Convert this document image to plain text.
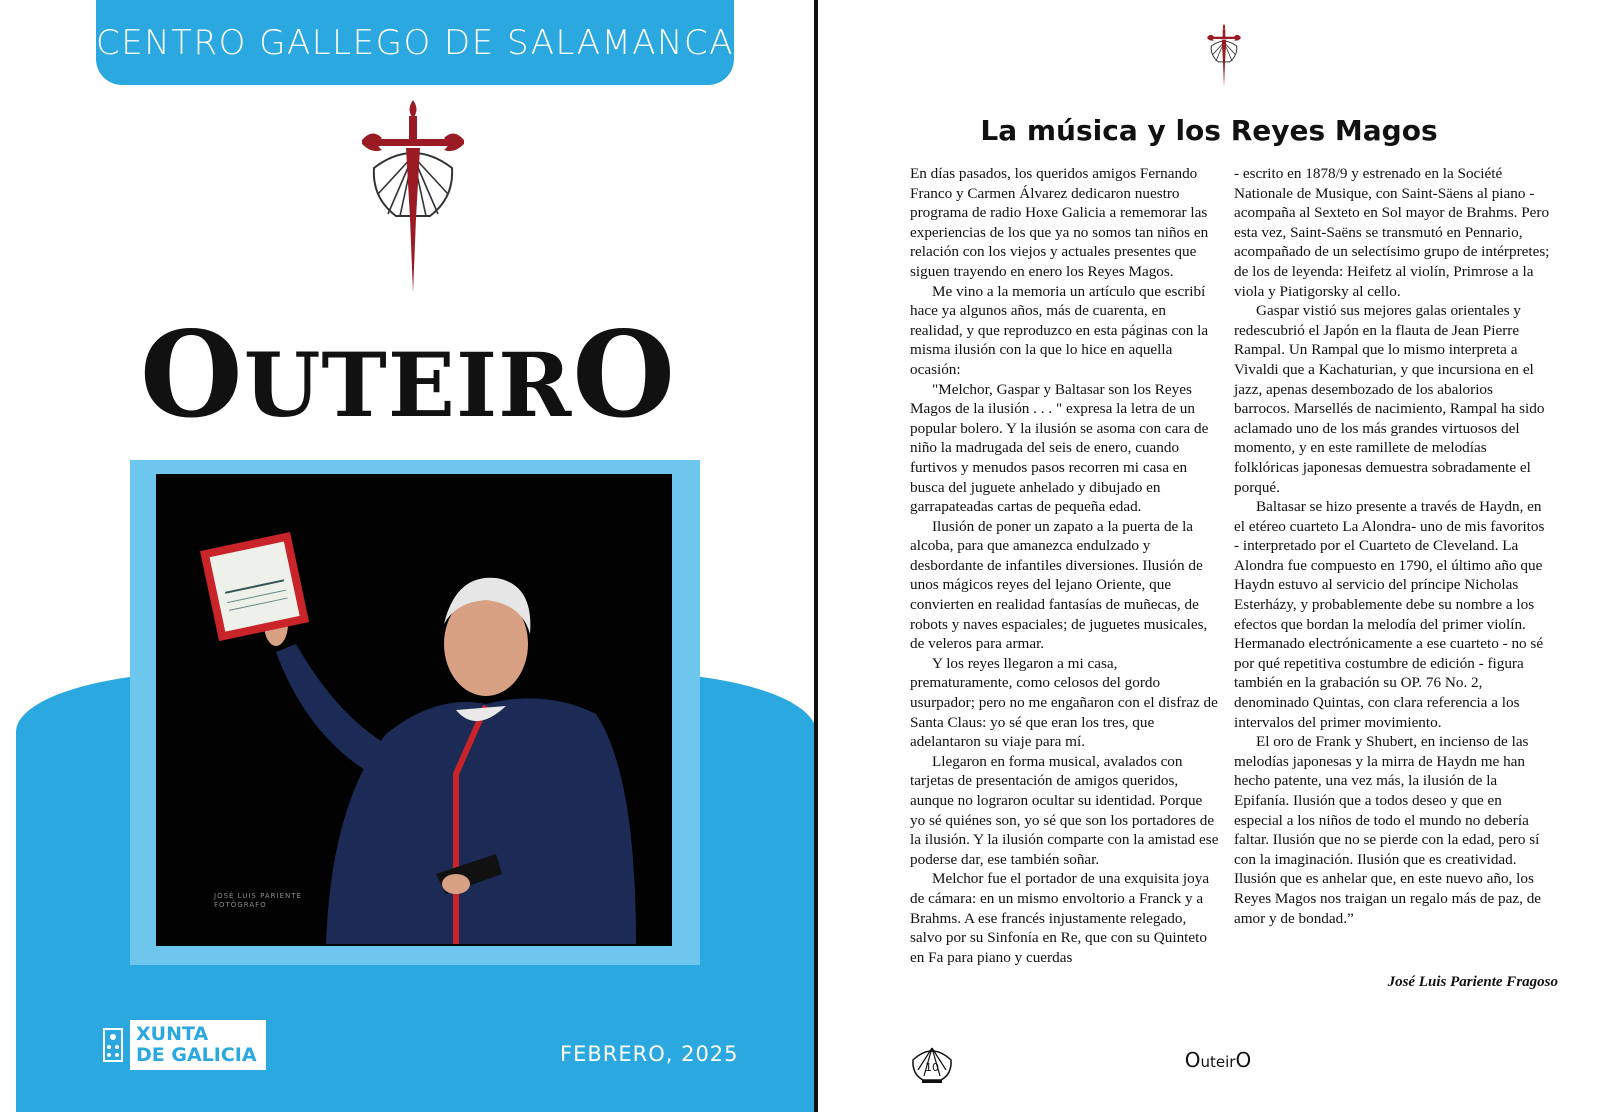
CENTRO GALLEGO DE SALAMANCA
OUTEIRO
JOSÉ LUIS PARIENTE
FOTÓGRAFO
XUNTA
DE GALICIA	FEBRERO, 2025
La música y los Reyes Magos

En días pasados, los queridos amigos Fernando Franco y Carmen Álvarez dedicaron nuestro programa de radio Hoxe Galicia a rememorar las experiencias de los que ya no somos tan niños en relación con los viejos y actuales presentes que siguen trayendo en enero los Reyes Magos.

Me vino a la memoria un artículo que escribí hace ya algunos años, más de cuarenta, en realidad, y que reproduzco en esta páginas con la misma ilusión con la que lo hice en aquella ocasión:

"Melchor, Gaspar y Baltasar son los Reyes Magos de la ilusión . . . " expresa la letra de un popular bolero. Y la ilusión se asoma con cara de niño la madrugada del seis de enero, cuando furtivos y menudos pasos recorren mi casa en busca del juguete anhelado y dibujado en garrapateadas cartas de pequeña edad.

Ilusión de poner un zapato a la puerta de la alcoba, para que amanezca endulzado y desbordante de infantiles diversiones. Ilusión de unos mágicos reyes del lejano Oriente, que convierten en realidad fantasías de muñecas, de robots y naves espaciales; de juguetes musicales, de veleros para armar.

Y los reyes llegaron a mi casa, prematuramente, como celosos del gordo usurpador; pero no me engañaron con el disfraz de Santa Claus: yo sé que eran los tres, que adelantaron su viaje para mí.

Llegaron en forma musical, avalados con tarjetas de presentación de amigos queridos, aunque no lograron ocultar su identidad. Porque yo sé quiénes son, yo sé que son los portadores de la ilusión. Y la ilusión comparte con la amistad ese poderse dar, ese también soñar.

Melchor fue el portador de una exquisita joya de cámara: en un mismo envoltorio a Franck y a Brahms. A ese francés injustamente relegado, salvo por su Sinfonía en Re, que con su Quinteto en Fa para piano y cuerdas

- escrito en 1878/9 y estrenado en la Société Nationale de Musique, con Saint-Säens al piano - acompaña al Sexteto en Sol mayor de Brahms. Pero esta vez, Saint-Saëns se transmutó en Pennario, acompañado de un selectísimo grupo de intérpretes; de los de leyenda: Heifetz al violín, Primrose a la viola y Piatigorsky al cello.

Gaspar vistió sus mejores galas orientales y redescubrió el Japón en la flauta de Jean Pierre Rampal. Un Rampal que lo mismo interpreta a Vivaldi que a Kachaturian, y que incursiona en el jazz, apenas desembozado de los abalorios barrocos. Marsellés de nacimiento, Rampal ha sido aclamado uno de los más grandes virtuosos del momento, y en este ramillete de melodías folklóricas japonesas demuestra sobradamente el porqué.

Baltasar se hizo presente a través de Haydn, en el etéreo cuarteto La Alondra- uno de mis favoritos - interpretado por el Cuarteto de Cleveland. La Alondra fue compuesto en 1790, el último año que Haydn estuvo al servicio del príncipe Nicholas Esterházy, y probablemente debe su nombre a los efectos que bordan la melodía del primer violín. Hermanado electrónicamente a ese cuarteto - no sé por qué repetitiva costumbre de edición - figura también en la grabación su OP. 76 No. 2, denominado Quintas, con clara referencia a los intervalos del primer movimiento.

El oro de Frank y Shubert, en incienso de las melodías japonesas y la mirra de Haydn me han hecho patente, una vez más, la ilusión de la Epifanía. Ilusión que a todos deseo y que en especial a los niños de todo el mundo no debería faltar. Ilusión que no se pierde con la edad, pero sí con la imaginación. Ilusión que es creatividad. Ilusión que es anhelar que, en este nuevo año, los Reyes Magos nos traigan un regalo más de paz, de amor y de bondad.”

José Luis Pariente Fragoso
10	OuteirO
